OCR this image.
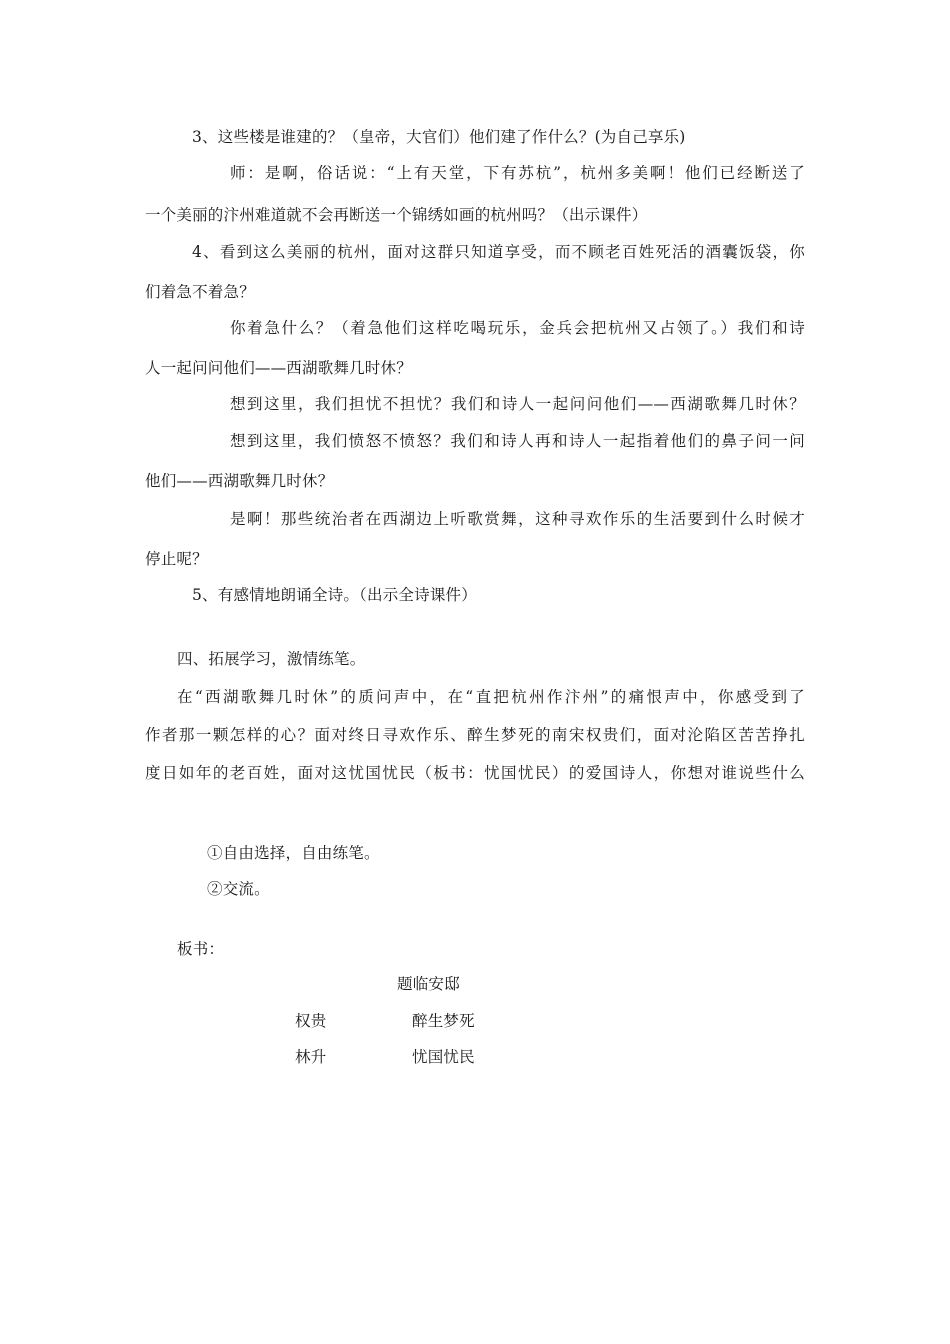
3、这些楼是谁建的？（皇帝，大官们）他们建了作什么？(为自己享乐)
师：是啊，俗话说：“上有天堂，下有苏杭”，杭州多美啊！他们已经断送了
一个美丽的汴州难道就不会再断送一个锦绣如画的杭州吗？（出示课件）
4、看到这么美丽的杭州，面对这群只知道享受，而不顾老百姓死活的酒囊饭袋，你
们着急不着急？
你着急什么？（着急他们这样吃喝玩乐，金兵会把杭州又占领了。）我们和诗
人一起问问他们——西湖歌舞几时休？
想到这里，我们担忧不担忧？我们和诗人一起问问他们——西湖歌舞几时休？
想到这里，我们愤怒不愤怒？我们和诗人再和诗人一起指着他们的鼻子问一问
他们——西湖歌舞几时休？
是啊！那些统治者在西湖边上听歌赏舞，这种寻欢作乐的生活要到什么时候才
停止呢？
5、有感情地朗诵全诗。（出示全诗课件）
四、拓展学习，激情练笔。
在“西湖歌舞几时休”的质问声中，在“直把杭州作汴州”的痛恨声中，你感受到了
作者那一颗怎样的心？面对终日寻欢作乐、醉生梦死的南宋权贵们，面对沦陷区苦苦挣扎
度日如年的老百姓，面对这忧国忧民（板书：忧国忧民）的爱国诗人，你想对谁说些什么
①自由选择，自由练笔。
②交流。
板书：
题临安邸
权贵	醉生梦死
林升	忧国忧民
